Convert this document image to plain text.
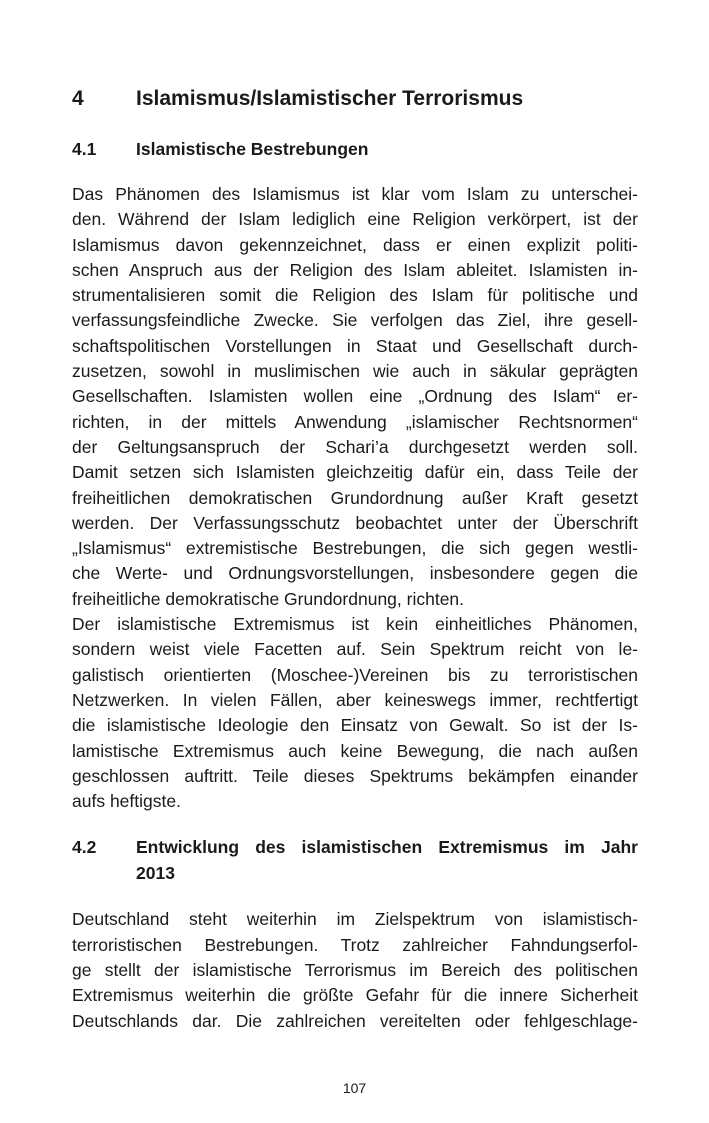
4	Islamismus/Islamistischer Terrorismus
4.1	Islamistische Bestrebungen
Das Phänomen des Islamismus ist klar vom Islam zu unterschei-
den. Während der Islam lediglich eine Religion verkörpert, ist der
Islamismus davon gekennzeichnet, dass er einen explizit politi-
schen Anspruch aus der Religion des Islam ableitet. Islamisten in-
strumentalisieren somit die Religion des Islam für politische und
verfassungsfeindliche Zwecke. Sie verfolgen das Ziel, ihre gesell-
schaftspolitischen Vorstellungen in Staat und Gesellschaft durch-
zusetzen, sowohl in muslimischen wie auch in säkular geprägten
Gesellschaften. Islamisten wollen eine „Ordnung des Islam“ er-
richten, in der mittels Anwendung „islamischer Rechtsnormen“
der Geltungsanspruch der Schari’a durchgesetzt werden soll.
Damit setzen sich Islamisten gleichzeitig dafür ein, dass Teile der
freiheitlichen demokratischen Grundordnung außer Kraft gesetzt
werden. Der Verfassungsschutz beobachtet unter der Überschrift
„Islamismus“ extremistische Bestrebungen, die sich gegen westli-
che Werte- und Ordnungsvorstellungen, insbesondere gegen die
freiheitliche demokratische Grundordnung, richten.
Der islamistische Extremismus ist kein einheitliches Phänomen,
sondern weist viele Facetten auf. Sein Spektrum reicht von le-
galistisch orientierten (Moschee-)Vereinen bis zu terroristischen
Netzwerken. In vielen Fällen, aber keineswegs immer, rechtfertigt
die islamistische Ideologie den Einsatz von Gewalt. So ist der Is-
lamistische Extremismus auch keine Bewegung, die nach außen
geschlossen auftritt. Teile dieses Spektrums bekämpfen einander
aufs heftigste.
4.2	Entwicklung des islamistischen Extremismus im Jahr
2013
Deutschland steht weiterhin im Zielspektrum von islamistisch-
terroristischen Bestrebungen. Trotz zahlreicher Fahndungserfol-
ge stellt der islamistische Terrorismus im Bereich des politischen
Extremismus weiterhin die größte Gefahr für die innere Sicherheit
Deutschlands dar. Die zahlreichen vereitelten oder fehlgeschlage-
107
